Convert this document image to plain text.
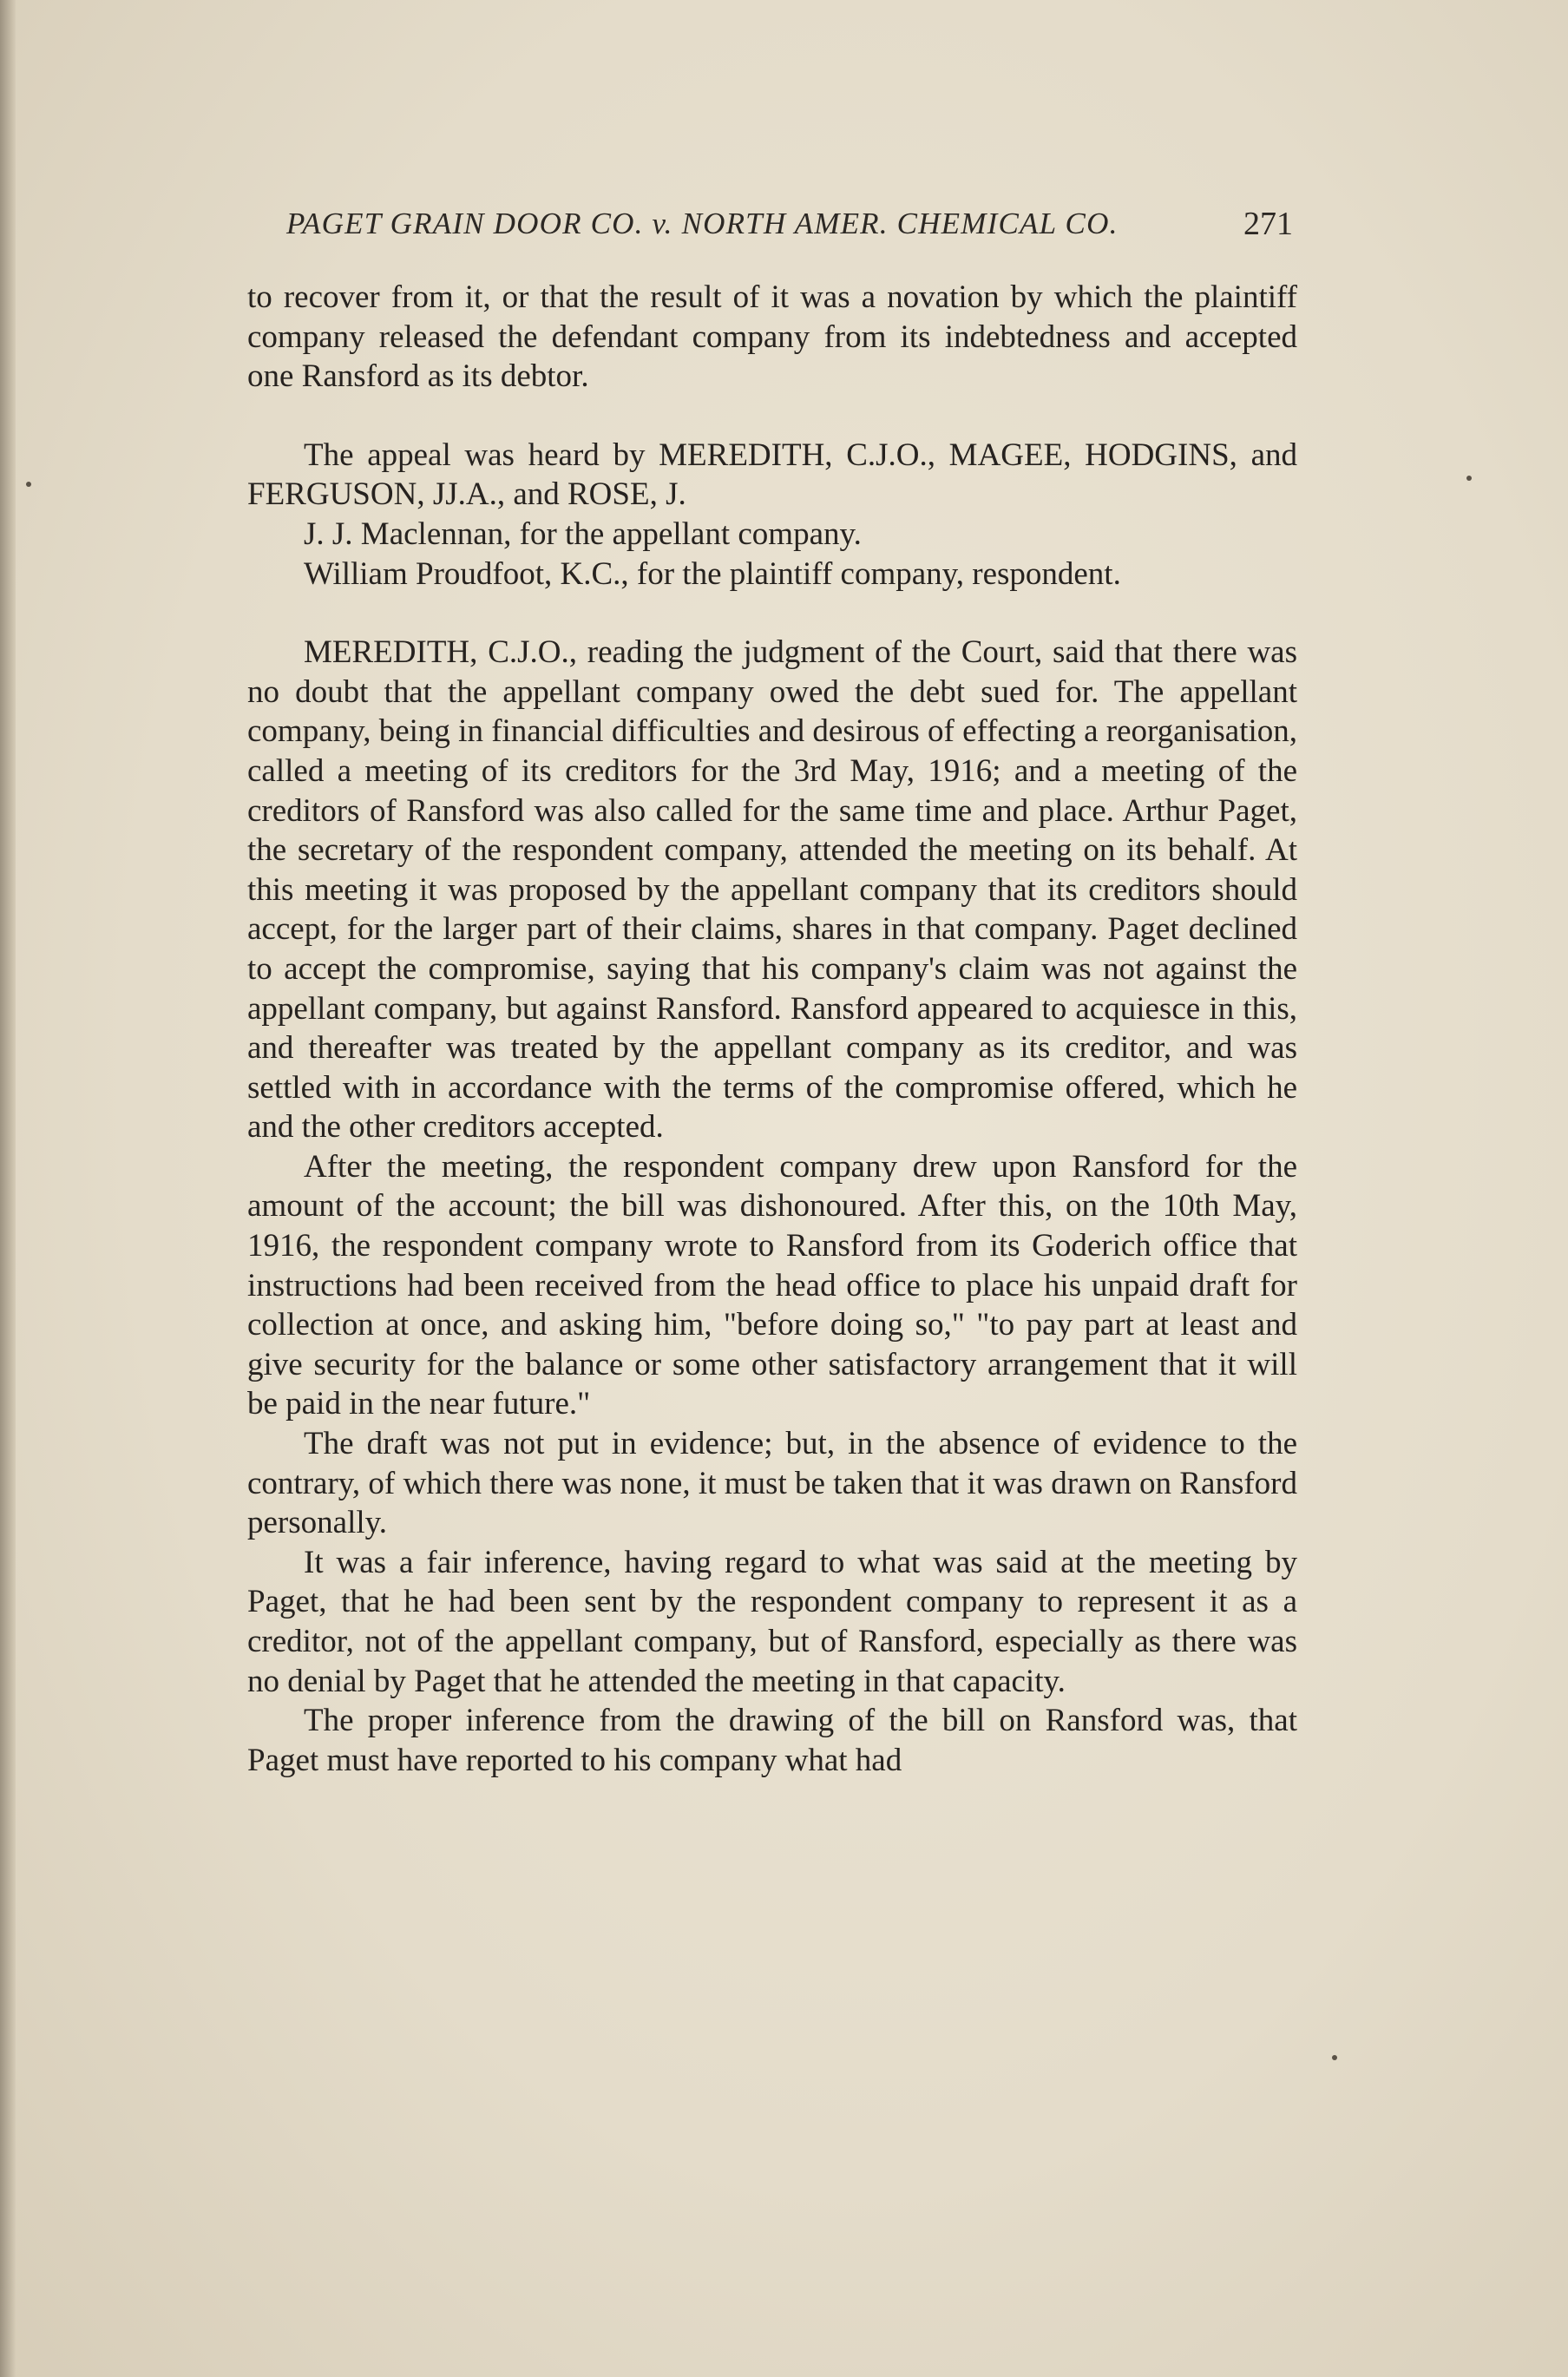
PAGET GRAIN DOOR CO. v. NORTH AMER. CHEMICAL CO.	271

to recover from it, or that the result of it was a novation by which the plaintiff company released the defendant company from its indebtedness and accepted one Ransford as its debtor.

The appeal was heard by MEREDITH, C.J.O., MAGEE, HODGINS, and FERGUSON, JJ.A., and ROSE, J.

J. J. Maclennan, for the appellant company.

William Proudfoot, K.C., for the plaintiff company, respondent.

MEREDITH, C.J.O., reading the judgment of the Court, said that there was no doubt that the appellant company owed the debt sued for. The appellant company, being in financial difficulties and desirous of effecting a reorganisation, called a meeting of its creditors for the 3rd May, 1916; and a meeting of the creditors of Ransford was also called for the same time and place. Arthur Paget, the secretary of the respondent company, attended the meeting on its behalf. At this meeting it was proposed by the appellant company that its creditors should accept, for the larger part of their claims, shares in that company. Paget declined to accept the compromise, saying that his company's claim was not against the appellant company, but against Ransford. Ransford appeared to acquiesce in this, and thereafter was treated by the appellant company as its creditor, and was settled with in accordance with the terms of the compromise offered, which he and the other creditors accepted.

After the meeting, the respondent company drew upon Ransford for the amount of the account; the bill was dishonoured. After this, on the 10th May, 1916, the respondent company wrote to Ransford from its Goderich office that instructions had been received from the head office to place his unpaid draft for collection at once, and asking him, "before doing so," "to pay part at least and give security for the balance or some other satisfactory arrangement that it will be paid in the near future."

The draft was not put in evidence; but, in the absence of evidence to the contrary, of which there was none, it must be taken that it was drawn on Ransford personally.

It was a fair inference, having regard to what was said at the meeting by Paget, that he had been sent by the respondent company to represent it as a creditor, not of the appellant company, but of Ransford, especially as there was no denial by Paget that he attended the meeting in that capacity.

The proper inference from the drawing of the bill on Ransford was, that Paget must have reported to his company what had
